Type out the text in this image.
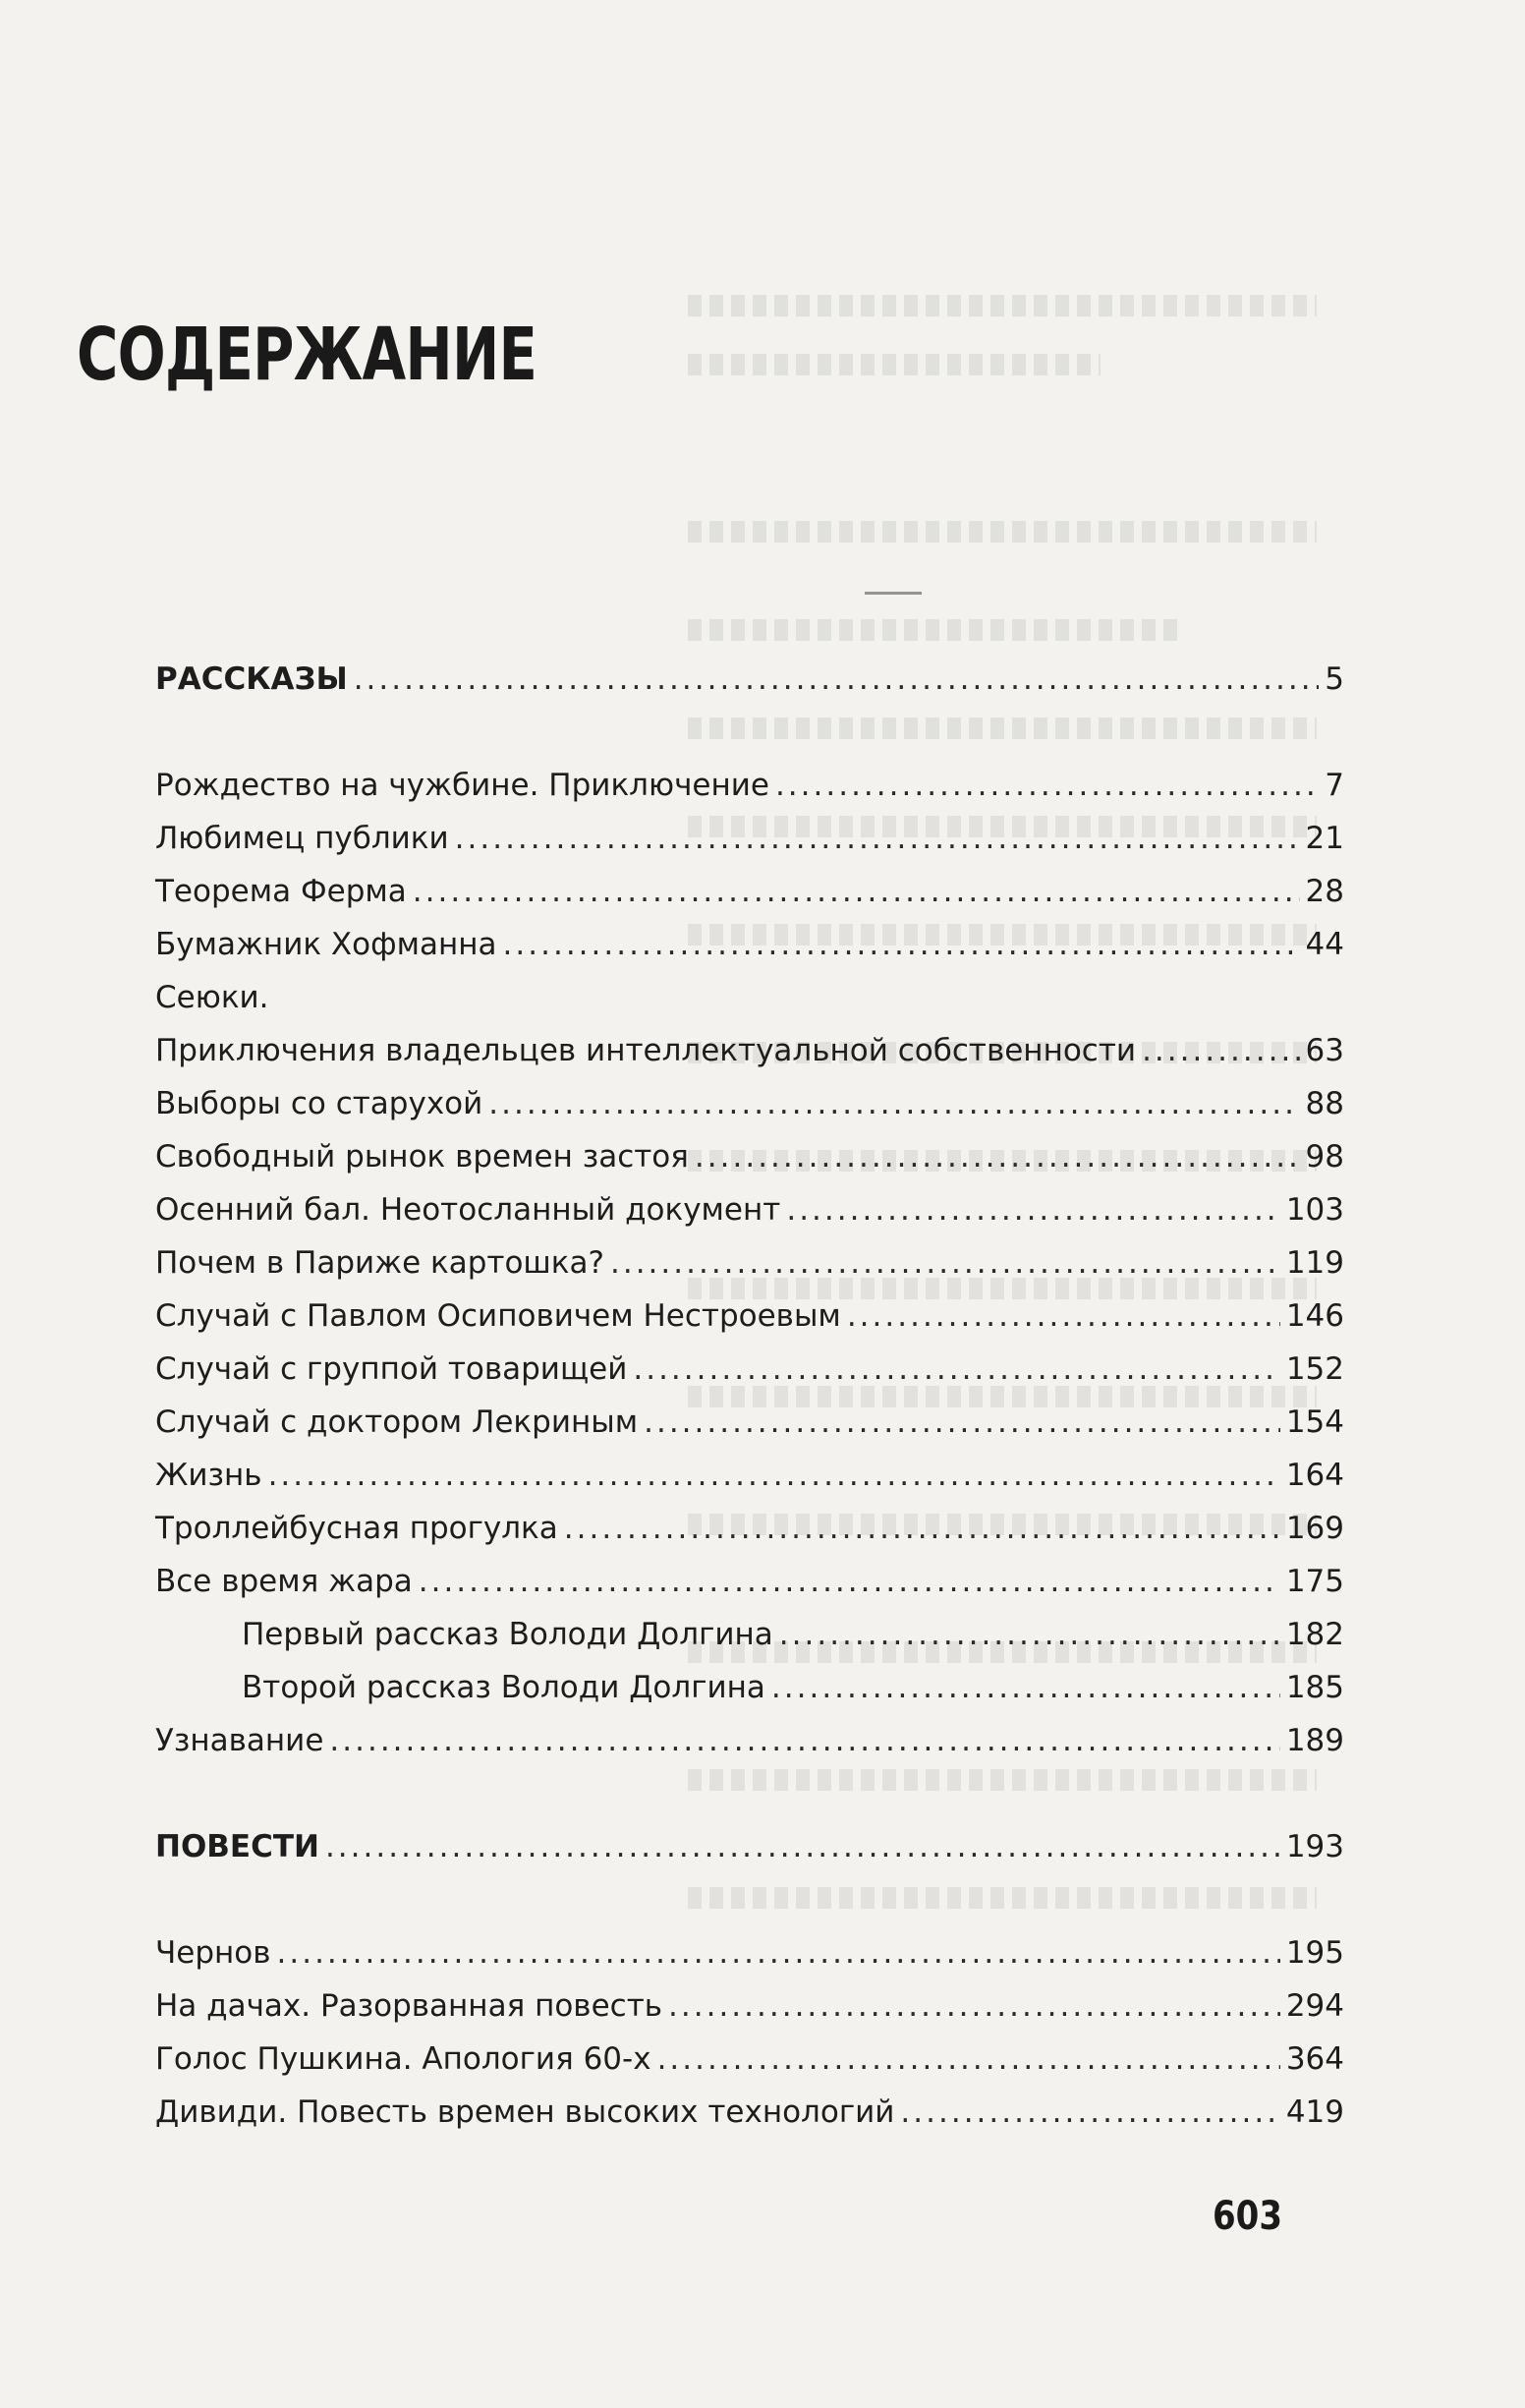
СОДЕРЖАНИЕ
РАССКАЗЫ .....	5
Рождество на чужбине. Приключение .....	7
Любимец публики .....	21
Теорема Ферма .....	28
Бумажник Хофманна .....	44
Сеюки.
Приключения владельцев интеллектуальной собственности .....	63
Выборы со старухой .....	88
Свободный рынок времен застоя .....	98
Осенний бал. Неотосланный документ .....	103
Почем в Париже картошка? .....	119
Случай с Павлом Осиповичем Нестроевым .....	146
Случай с группой товарищей .....	152
Случай с доктором Лекриным .....	154
Жизнь .....	164
Троллейбусная прогулка .....	169
Все время жара .....	175
Первый рассказ Володи Долгина .....	182
Второй рассказ Володи Долгина .....	185
Узнавание .....	189
ПОВЕСТИ .....	193
Чернов .....	195
На дачах. Разорванная повесть .....	294
Голос Пушкина. Апология 60-х .....	364
Дивиди. Повесть времен высоких технологий .....	419
603
